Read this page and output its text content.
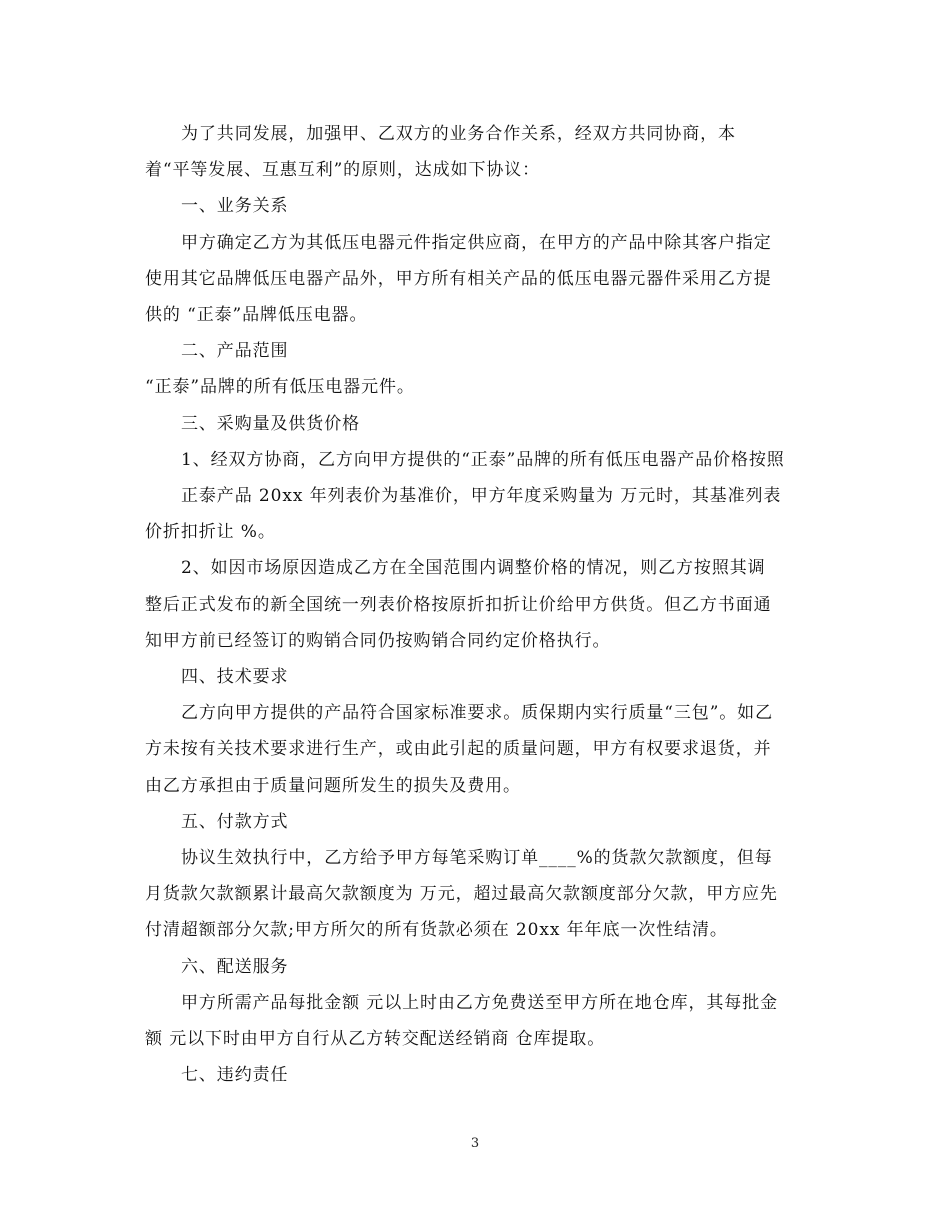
为了共同发展，加强甲、乙双方的业务合作关系，经双方共同协商，本

着“平等发展、互惠互利”的原则，达成如下协议：

一、业务关系

甲方确定乙方为其低压电器元件指定供应商，在甲方的产品中除其客户指定

使用其它品牌低压电器产品外，甲方所有相关产品的低压电器元器件采用乙方提

供的 “正泰”品牌低压电器。

二、产品范围

“正泰”品牌的所有低压电器元件。

三、采购量及供货价格

1、经双方协商，乙方向甲方提供的“正泰”品牌的所有低压电器产品价格按照

正泰产品 20xx 年列表价为基准价，甲方年度采购量为 万元时，其基准列表

价折扣折让 %。

2、如因市场原因造成乙方在全国范围内调整价格的情况，则乙方按照其调

整后正式发布的新全国统一列表价格按原折扣折让价给甲方供货。但乙方书面通

知甲方前已经签订的购销合同仍按购销合同约定价格执行。

四、技术要求

乙方向甲方提供的产品符合国家标准要求。质保期内实行质量“三包”。如乙

方未按有关技术要求进行生产，或由此引起的质量问题，甲方有权要求退货，并

由乙方承担由于质量问题所发生的损失及费用。

五、付款方式

协议生效执行中，乙方给予甲方每笔采购订单____%的货款欠款额度，但每

月货款欠款额累计最高欠款额度为 万元，超过最高欠款额度部分欠款，甲方应先

付清超额部分欠款;甲方所欠的所有货款必须在 20xx 年年底一次性结清。

六、配送服务

甲方所需产品每批金额 元以上时由乙方免费送至甲方所在地仓库，其每批金

额 元以下时由甲方自行从乙方转交配送经销商 仓库提取。

七、违约责任

3
